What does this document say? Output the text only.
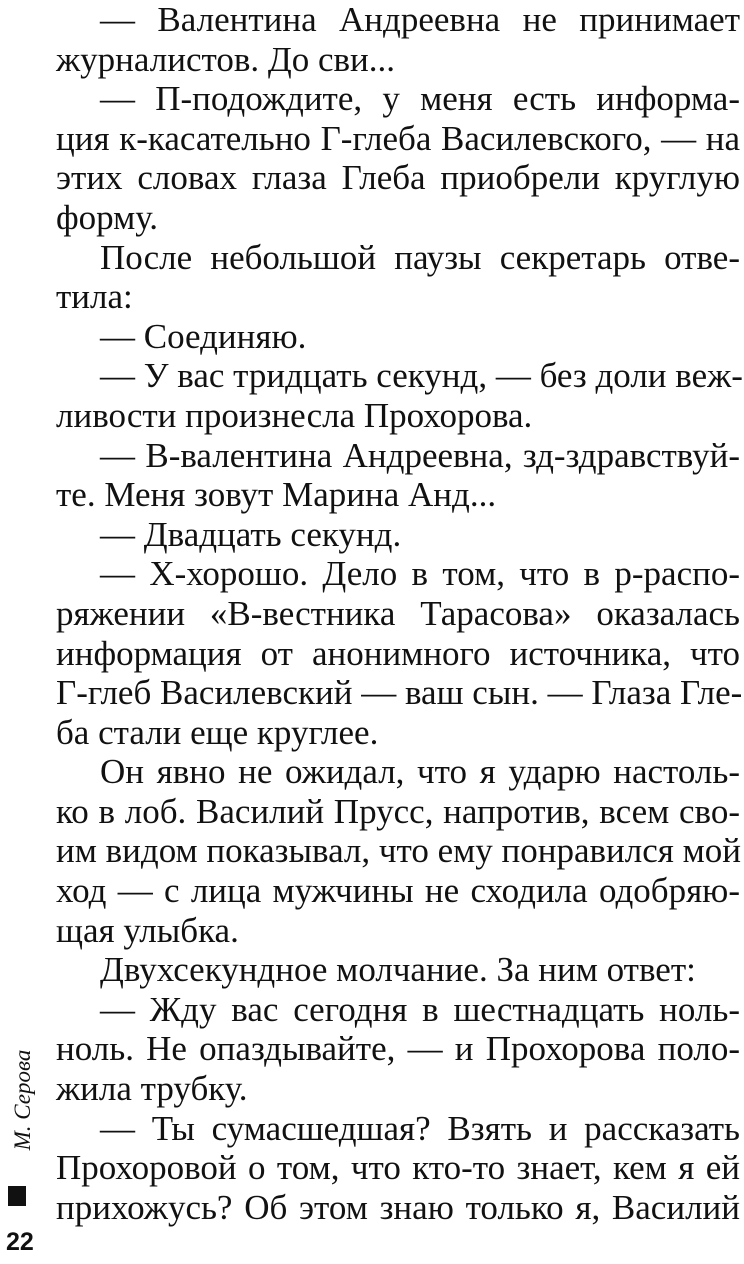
— Валентина Андреевна не принимает
журналистов. До сви...
— П-подождите, у меня есть информа-
ция к-касательно Г-глеба Василевского, — на
этих словах глаза Глеба приобрели круглую
форму.
После небольшой паузы секретарь отве-
тила:
— Соединяю.
— У вас тридцать секунд, — без доли веж-
ливости произнесла Прохорова.
— В-валентина Андреевна, зд-здравствуй-
те. Меня зовут Марина Анд...
— Двадцать секунд.
— Х-хорошо. Дело в том, что в р-распо-
ряжении «В-вестника Тарасова» оказалась
информация от анонимного источника, что
Г-глеб Василевский — ваш сын. — Глаза Гле-
ба стали еще круглее.
Он явно не ожидал, что я ударю настоль-
ко в лоб. Василий Прусс, напротив, всем сво-
им видом показывал, что ему понравился мой
ход — с лица мужчины не сходила одобряю-
щая улыбка.
Двухсекундное молчание. За ним ответ:
— Жду вас сегодня в шестнадцать ноль-
ноль. Не опаздывайте, — и Прохорова поло-
жила трубку.
— Ты сумасшедшая? Взять и рассказать
Прохоровой о том, что кто-то знает, кем я ей
прихожусь? Об этом знаю только я, Василий
М. Серова
22
